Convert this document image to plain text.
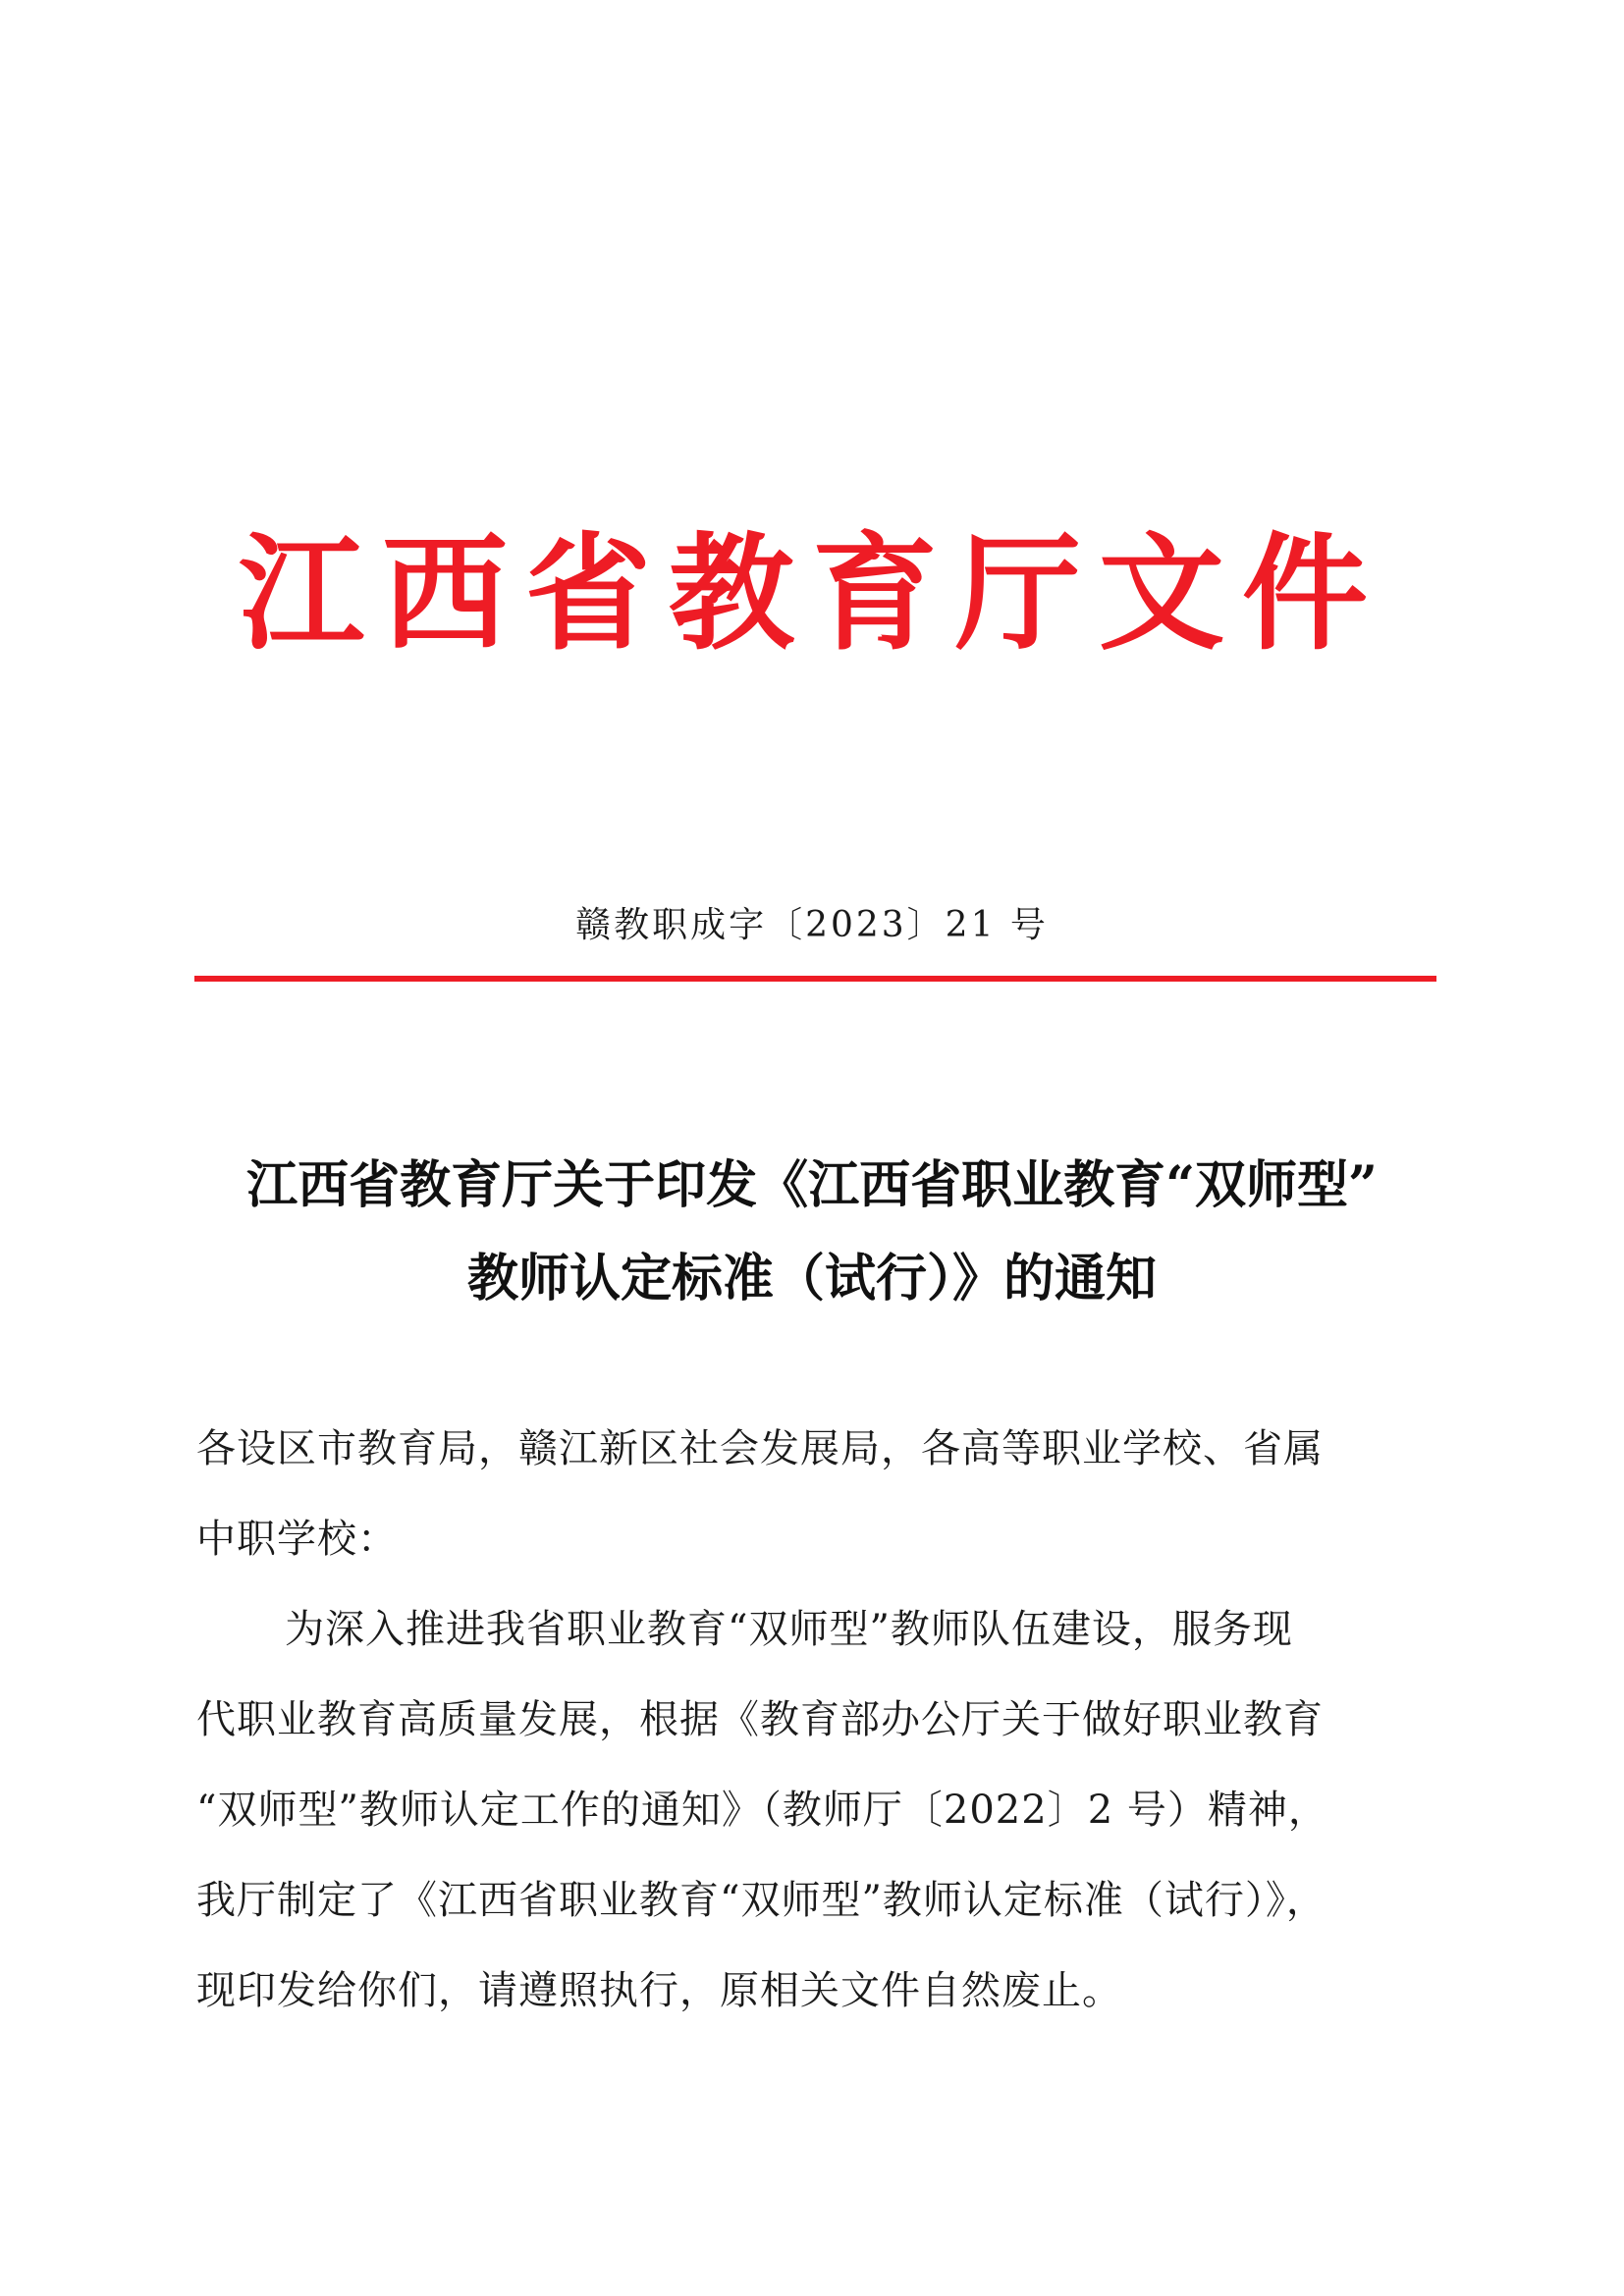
江西省教育厅文件
赣教职成字〔2023〕21 号
江西省教育厅关于印发《江西省职业教育“双师型”
教师认定标准（试行）》的通知
各设区市教育局，赣江新区社会发展局，各高等职业学校、省属
中职学校：
为深入推进我省职业教育“双师型”教师队伍建设，服务现
代职业教育高质量发展，根据《教育部办公厅关于做好职业教育
“双师型”教师认定工作的通知》（教师厅〔2022〕2 号）精神，
我厅制定了《江西省职业教育“双师型”教师认定标准（试行）》，
现印发给你们，请遵照执行，原相关文件自然废止。
